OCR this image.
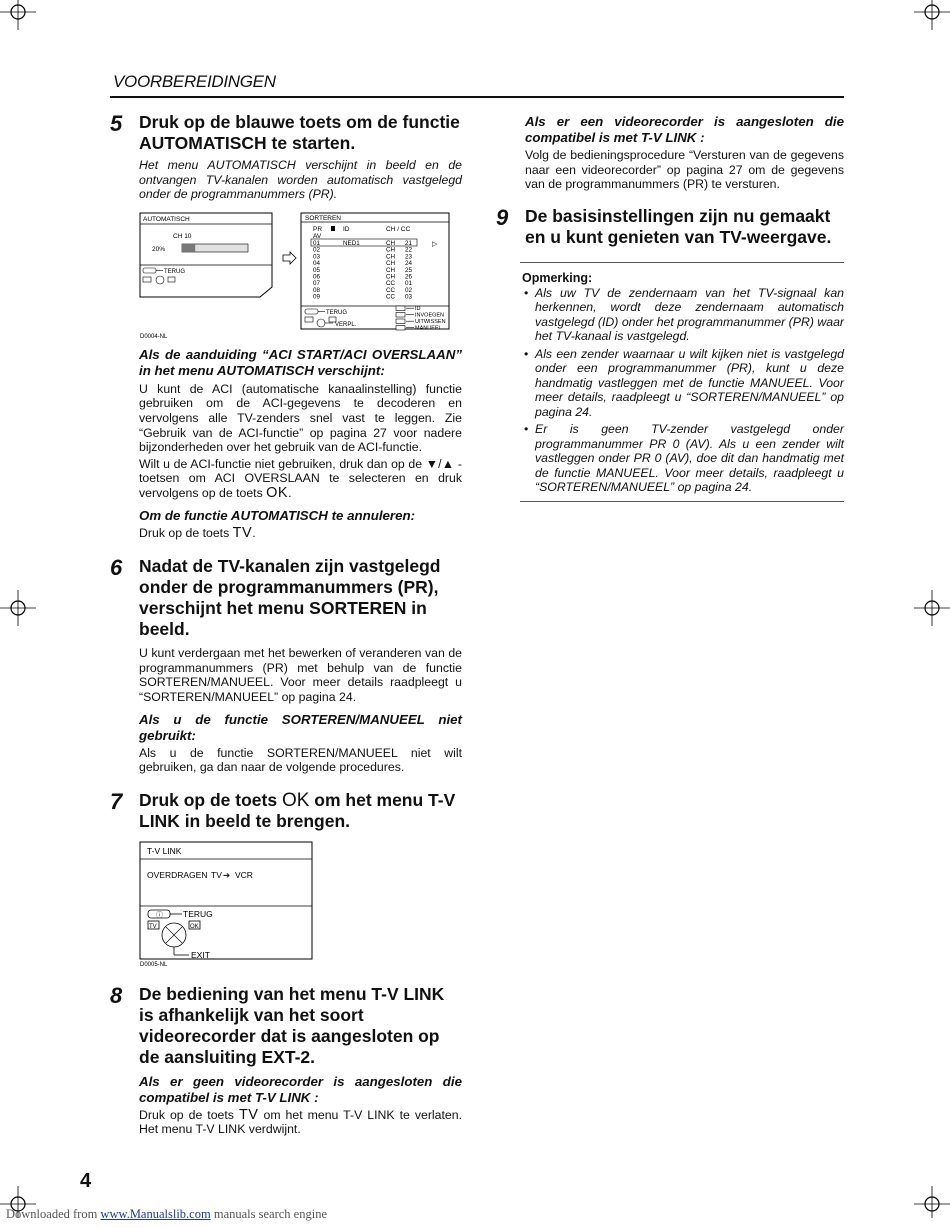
VOORBEREIDINGEN
5 Druk op de blauwe toets om de functie AUTOMATISCH te starten.
Het menu AUTOMATISCH verschijnt in beeld en de ontvangen TV-kanalen worden automatisch vastgelegd onder de programmanummers (PR).
AUTOMATISCH
CH 10
20%
TERUG
SORTEREN
PR	ID	CH / CC
AV
01	NED1	CH 21
02	CH 22
03	CH 23
04	CH 24
05	CH 25
06	CH 26
07	CC 01
08	CC 02
09	CC 03
▷
TERUG
VERPL.
ID
INVOEGEN
UITWISSEN
MANUEEL
D0004-NL
Als de aanduiding “ACI START/ACI OVERSLAAN” in het menu AUTOMATISCH verschijnt:
U kunt de ACI (automatische kanaalinstelling) functie gebruiken om de ACI-gegevens te decoderen en vervolgens alle TV-zenders snel vast te leggen. Zie “Gebruik van de ACI-functie” op pagina 27 voor nadere bijzonderheden over het gebruik van de ACI-functie.
Wilt u de ACI-functie niet gebruiken, druk dan op de ▼/▲ -toetsen om ACI OVERSLAAN te selecteren en druk vervolgens op de toets OK.
Om de functie AUTOMATISCH te annuleren:
Druk op de toets TV.
6 Nadat de TV-kanalen zijn vastgelegd onder de programmanummers (PR), verschijnt het menu SORTEREN in beeld.
U kunt verdergaan met het bewerken of veranderen van de programmanummers (PR) met behulp van de functie SORTEREN/MANUEEL. Voor meer details raadpleegt u “SORTEREN/MANUEEL” op pagina 24.
Als u de functie SORTEREN/MANUEEL niet gebruikt:
Als u de functie SORTEREN/MANUEEL niet wilt gebruiken, ga dan naar de volgende procedures.
7 Druk op de toets OK om het menu T-V LINK in beeld te brengen.
T-V LINK
OVERDRAGEN TV ➔ VCR
ⓘ TERUG
TV	OK
EXIT
D0005-NL
8 De bediening van het menu T-V LINK is afhankelijk van het soort videorecorder dat is aangesloten op de aansluiting EXT-2.
Als er geen videorecorder is aangesloten die compatibel is met T-V LINK :
Druk op de toets TV om het menu T-V LINK te verlaten. Het menu T-V LINK verdwijnt.
Als er een videorecorder is aangesloten die compatibel is met T-V LINK :
Volg de bedieningsprocedure “Versturen van de gegevens naar een videorecorder” op pagina 27 om de gegevens van de programmanummers (PR) te versturen.
9 De basisinstellingen zijn nu gemaakt en u kunt genieten van TV-weergave.
Opmerking:
• Als uw TV de zendernaam van het TV-signaal kan herkennen, wordt deze zendernaam automatisch vastgelegd (ID) onder het programmanummer (PR) waar het TV-kanaal is vastgelegd.
• Als een zender waarnaar u wilt kijken niet is vastgelegd onder een programmanummer (PR), kunt u deze handmatig vastleggen met de functie MANUEEL. Voor meer details, raadpleegt u “SORTEREN/MANUEEL” op pagina 24.
• Er is geen TV-zender vastgelegd onder programmanummer PR 0 (AV). Als u een zender wilt vastleggen onder PR 0 (AV), doe dit dan handmatig met de functie MANUEEL. Voor meer details, raadpleegt u “SORTEREN/MANUEEL” op pagina 24.
4
Downloaded from www.Manualslib.com manuals search engine
